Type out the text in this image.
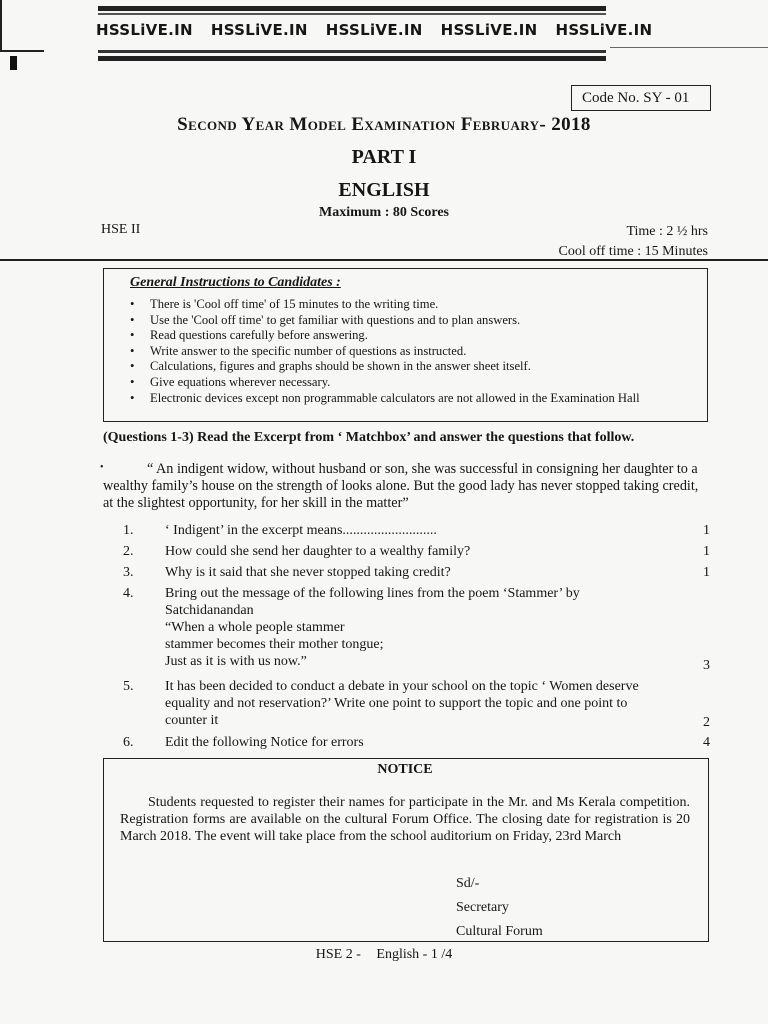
HSSLiVE.IN HSSLiVE.IN HSSLiVE.IN HSSLiVE.IN HSSLiVE.IN
Code No. SY - 01
Second Year Model Examination February- 2018
PART I
ENGLISH
Maximum : 80 Scores
HSE II	Time : 2 ½ hrs
Cool off time : 15 Minutes
General Instructions to Candidates :
• There is 'Cool off time' of 15 minutes to the writing time.
• Use the 'Cool off time' to get familiar with questions and to plan answers.
• Read questions carefully before answering.
• Write answer to the specific number of questions as instructed.
• Calculations, figures and graphs should be shown in the answer sheet itself.
• Give equations wherever necessary.
• Electronic devices except non programmable calculators are not allowed in the Examination Hall
(Questions 1-3) Read the Excerpt from ‘ Matchbox’ and answer the questions that follow.
•	“ An indigent widow, without husband or son, she was successful in consigning her daughter to a wealthy family’s house on the strength of looks alone. But the good lady has never stopped taking credit, at the slightest opportunity, for her skill in the matter”
1. ‘ Indigent’ in the excerpt means...........................	1
2. How could she send her daughter to a wealthy family?	1
3. Why is it said that she never stopped taking credit?	1
4. Bring out the message of the following lines from the poem ‘Stammer’ by
Satchidanandan
“When a whole people stammer
stammer becomes their mother tongue;
Just as it is with us now.”	3
5. It has been decided to conduct a debate in your school on the topic ‘ Women deserve
equality and not reservation?’ Write one point to support the topic and one point to
counter it	2
6. Edit the following Notice for errors	4
NOTICE
Students requested to register their names for participate in the Mr. and Ms Kerala competition. Registration forms are available on the cultural Forum Office. The closing date for registration is 20 March 2018. The event will take place from the school auditorium on Friday, 23rd March
Sd/-
Secretary
Cultural Forum
HSE 2 - English - 1 /4
